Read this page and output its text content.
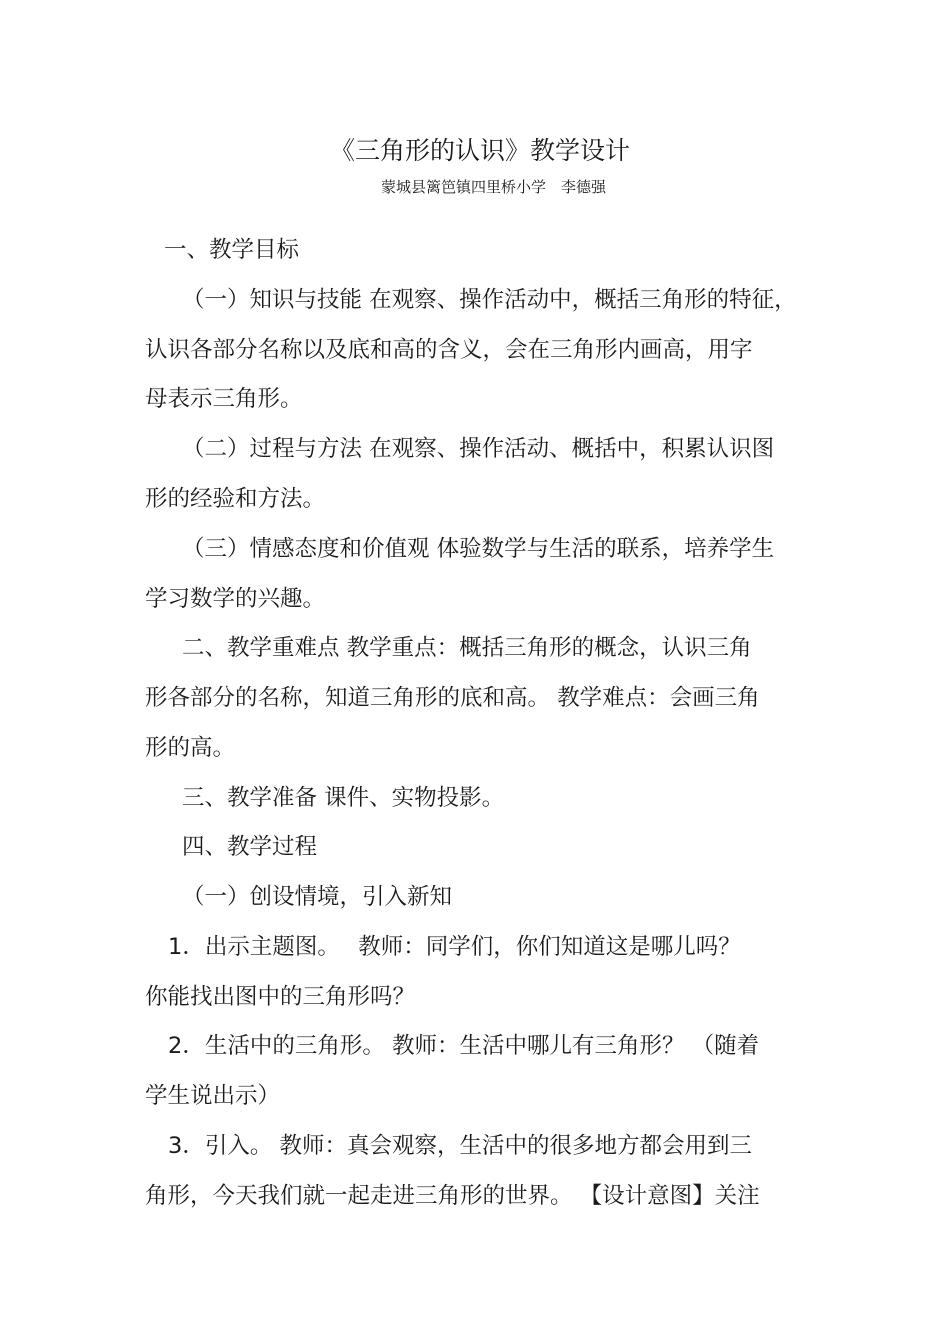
《三角形的认识》教学设计
蒙城县篱笆镇四里桥小学　李德强
一、教学目标
（一）知识与技能 在观察、操作活动中，概括三角形的特征，
认识各部分名称以及底和高的含义，会在三角形内画高，用字
母表示三角形。
（二）过程与方法 在观察、操作活动、概括中，积累认识图
形的经验和方法。
（三）情感态度和价值观 体验数学与生活的联系，培养学生
学习数学的兴趣。
二、教学重难点 教学重点：概括三角形的概念，认识三角
形各部分的名称，知道三角形的底和高。 教学难点：会画三角
形的高。
三、教学准备 课件、实物投影。
四、教学过程
（一）创设情境，引入新知
1．出示主题图。　 教师：同学们，你们知道这是哪儿吗？
你能找出图中的三角形吗？
2．生活中的三角形。 教师：生活中哪儿有三角形？ （随着
学生说出示）
3．引入。 教师：真会观察，生活中的很多地方都会用到三
角形，今天我们就一起走进三角形的世界。 【设计意图】关注
